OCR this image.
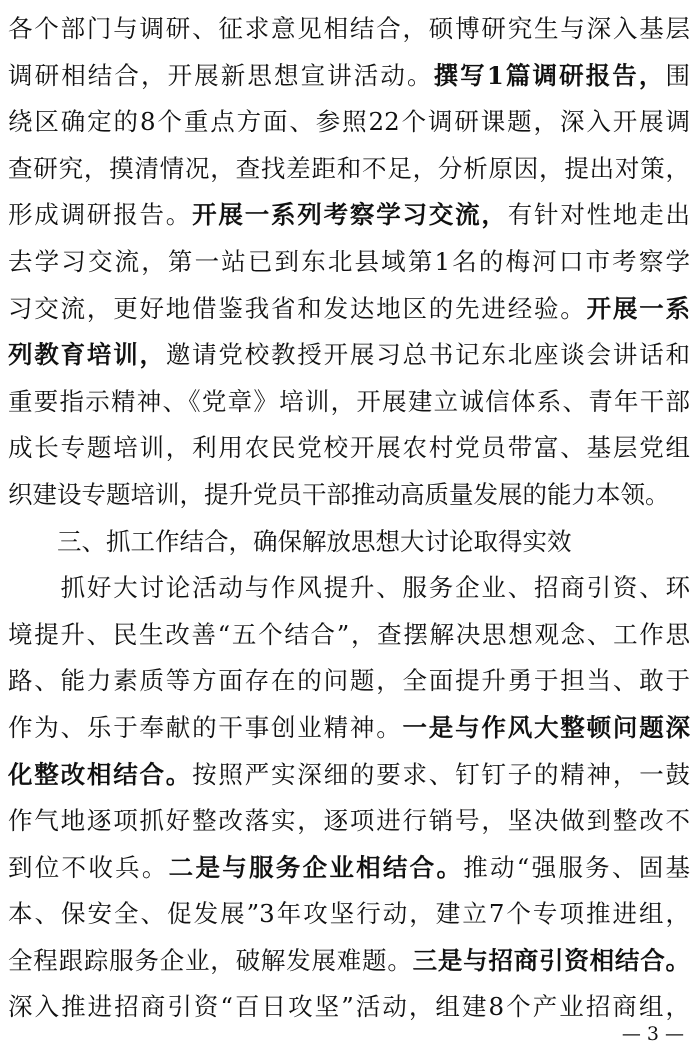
各个部门与调研、征求意见相结合，硕博研究生与深入基层
调研相结合，开展新思想宣讲活动。撰写1篇调研报告，围
绕区确定的8个重点方面、参照22个调研课题，深入开展调
查研究，摸清情况，查找差距和不足，分析原因，提出对策，
形成调研报告。开展一系列考察学习交流，有针对性地走出
去学习交流，第一站已到东北县域第1名的梅河口市考察学
习交流，更好地借鉴我省和发达地区的先进经验。开展一系
列教育培训，邀请党校教授开展习总书记东北座谈会讲话和
重要指示精神、《党章》培训，开展建立诚信体系、青年干部
成长专题培训，利用农民党校开展农村党员带富、基层党组
织建设专题培训，提升党员干部推动高质量发展的能力本领。
　　三、抓工作结合，确保解放思想大讨论取得实效
　　抓好大讨论活动与作风提升、服务企业、招商引资、环
境提升、民生改善“五个结合”，查摆解决思想观念、工作思
路、能力素质等方面存在的问题，全面提升勇于担当、敢于
作为、乐于奉献的干事创业精神。一是与作风大整顿问题深
化整改相结合。按照严实深细的要求、钉钉子的精神，一鼓
作气地逐项抓好整改落实，逐项进行销号，坚决做到整改不
到位不收兵。二是与服务企业相结合。推动“强服务、固基
本、保安全、促发展”3年攻坚行动，建立7个专项推进组，
全程跟踪服务企业，破解发展难题。三是与招商引资相结合。
深入推进招商引资“百日攻坚”活动，组建8个产业招商组，
— 3 —
